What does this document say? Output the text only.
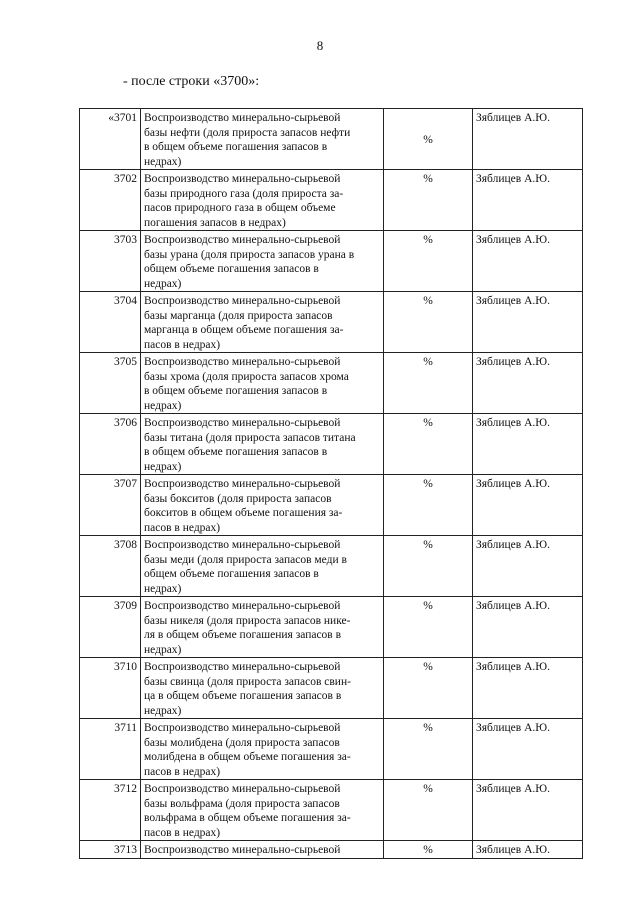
8
- после строки «3700»:
«3701	Воспроизводство минерально-сырьевой
базы нефти (доля прироста запасов нефти
в общем объеме погашения запасов в
недрах)	%	Зяблицев А.Ю.
3702	Воспроизводство минерально-сырьевой
базы природного газа (доля прироста за-
пасов природного газа в общем объеме
погашения запасов в недрах)	%	Зяблицев А.Ю.
3703	Воспроизводство минерально-сырьевой
базы урана (доля прироста запасов урана в
общем объеме погашения запасов в
недрах)	%	Зяблицев А.Ю.
3704	Воспроизводство минерально-сырьевой
базы марганца (доля прироста запасов
марганца в общем объеме погашения за-
пасов в недрах)	%	Зяблицев А.Ю.
3705	Воспроизводство минерально-сырьевой
базы хрома (доля прироста запасов хрома
в общем объеме погашения запасов в
недрах)	%	Зяблицев А.Ю.
3706	Воспроизводство минерально-сырьевой
базы титана (доля прироста запасов титана
в общем объеме погашения запасов в
недрах)	%	Зяблицев А.Ю.
3707	Воспроизводство минерально-сырьевой
базы бокситов (доля прироста запасов
бокситов в общем объеме погашения за-
пасов в недрах)	%	Зяблицев А.Ю.
3708	Воспроизводство минерально-сырьевой
базы меди (доля прироста запасов меди в
общем объеме погашения запасов в
недрах)	%	Зяблицев А.Ю.
3709	Воспроизводство минерально-сырьевой
базы никеля (доля прироста запасов нике-
ля в общем объеме погашения запасов в
недрах)	%	Зяблицев А.Ю.
3710	Воспроизводство минерально-сырьевой
базы свинца (доля прироста запасов свин-
ца в общем объеме погашения запасов в
недрах)	%	Зяблицев А.Ю.
3711	Воспроизводство минерально-сырьевой
базы молибдена (доля прироста запасов
молибдена в общем объеме погашения за-
пасов в недрах)	%	Зяблицев А.Ю.
3712	Воспроизводство минерально-сырьевой
базы вольфрама (доля прироста запасов
вольфрама в общем объеме погашения за-
пасов в недрах)	%	Зяблицев А.Ю.
3713	Воспроизводство минерально-сырьевой	%	Зяблицев А.Ю.
